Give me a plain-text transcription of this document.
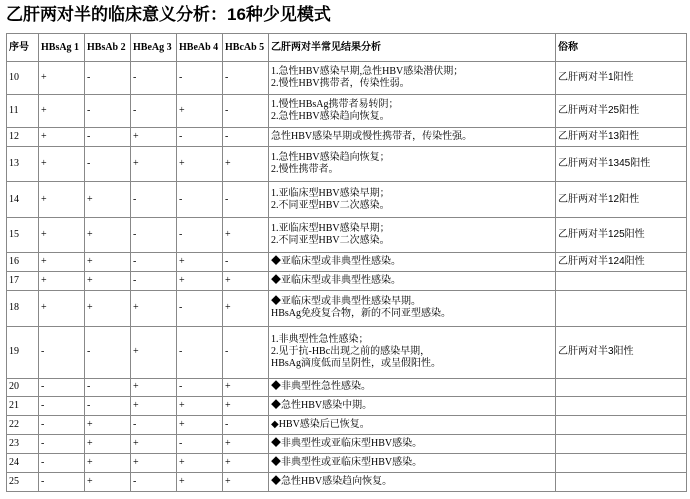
乙肝两对半的临床意义分析：16种少见模式
序号	HBsAg 1	HBsAb 2	HBeAg 3	HBeAb 4	HBcAb 5	乙肝两对半常见结果分析	俗称
10	+	-	-	-	-	1.急性HBV感染早期,急性HBV感染潜伏期；
2.慢性HBV携带者，传染性弱。	乙肝两对半1阳性
11	+	-	-	+	-	1.慢性HBsAg携带者易转阴；
2.急性HBV感染趋向恢复。	乙肝两对半25阳性
12	+	-	+	-	-	急性HBV感染早期或慢性携带者，传染性强。	乙肝两对半13阳性
13	+	-	+	+	+	1.急性HBV感染趋向恢复；
2.慢性携带者。	乙肝两对半1345阳性
14	+	+	-	-	-	1.亚临床型HBV感染早期；
2.不同亚型HBV二次感染。	乙肝两对半12阳性
15	+	+	-	-	+	1.亚临床型HBV感染早期；
2.不同亚型HBV二次感染。	乙肝两对半125阳性
16	+	+	-	+	-	◆亚临床型或非典型性感染。	乙肝两对半124阳性
17	+	+	-	+	+	◆亚临床型或非典型性感染。	

18	+	+	+	-	+	◆亚临床型或非典型性感染早期。
HBsAg免疫复合物，新的不同亚型感染。	

19	-	-	+	-	-	1.非典型性急性感染；
2.见于抗-HBc出现之前的感染早期，
HBsAg滴度低而呈阴性，或呈假阳性。	乙肝两对半3阳性
20	-	-	+	-	+	◆非典型性急性感染。	

21	-	-	+	+	+	◆急性HBV感染中期。	

22	-	+	-	+	-	◆HBV感染后已恢复。	

23	-	+	+	-	+	◆非典型性或亚临床型HBV感染。	

24	-	+	+	+	+	◆非典型性或亚临床型HBV感染。	

25	-	+	-	+	+	◆急性HBV感染趋向恢复。	
